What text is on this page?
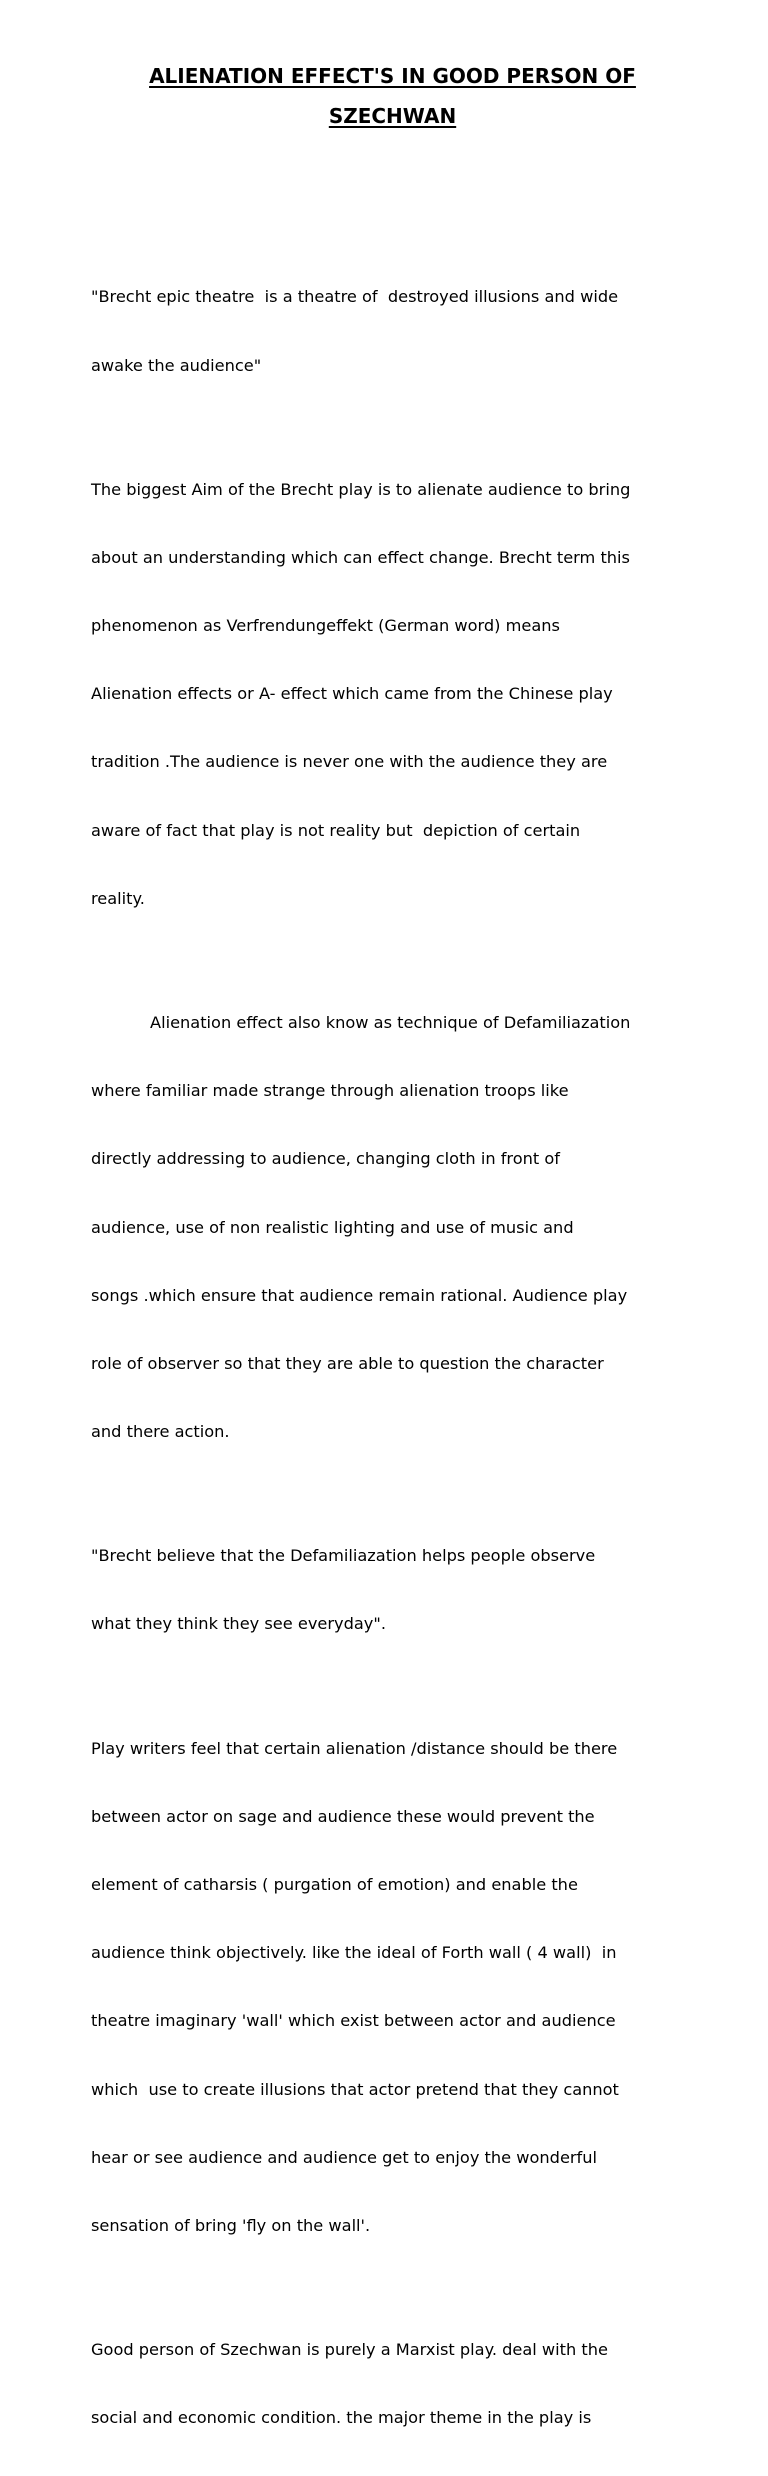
ALIENATION EFFECT'S IN GOOD PERSON OF
SZECHWAN

"Brecht epic theatre  is a theatre of  destroyed illusions and wide

awake the audience"

The biggest Aim of the Brecht play is to alienate audience to bring

about an understanding which can effect change. Brecht term this

phenomenon as Verfrendungeffekt (German word) means

Alienation effects or A- effect which came from the Chinese play

tradition .The audience is never one with the audience they are

aware of fact that play is not reality but  depiction of certain

reality.

Alienation effect also know as technique of Defamiliazation

where familiar made strange through alienation troops like

directly addressing to audience, changing cloth in front of

audience, use of non realistic lighting and use of music and

songs .which ensure that audience remain rational. Audience play

role of observer so that they are able to question the character

and there action.

"Brecht believe that the Defamiliazation helps people observe

what they think they see everyday".

Play writers feel that certain alienation /distance should be there

between actor on sage and audience these would prevent the

element of catharsis ( purgation of emotion) and enable the

audience think objectively. like the ideal of Forth wall ( 4 wall)  in

theatre imaginary 'wall' which exist between actor and audience

which  use to create illusions that actor pretend that they cannot

hear or see audience and audience get to enjoy the wonderful

sensation of bring 'fly on the wall'.

Good person of Szechwan is purely a Marxist play. deal with the

social and economic condition. the major theme in the play is
